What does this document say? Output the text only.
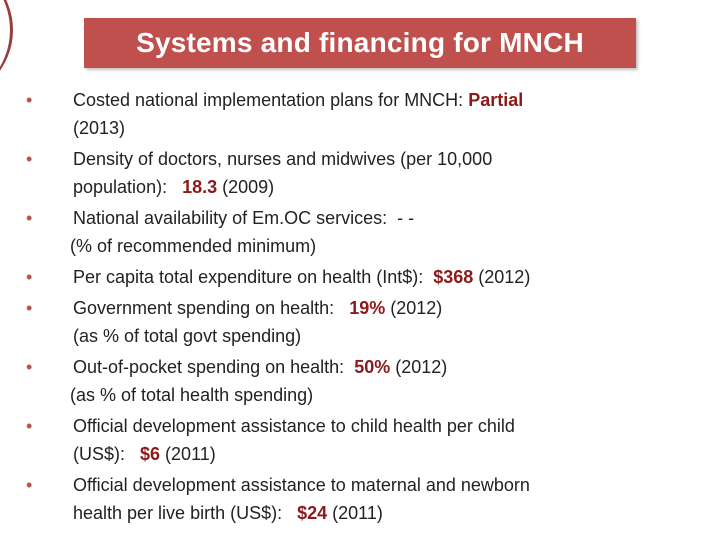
Systems and financing for MNCH
•	Costed national implementation plans for MNCH: Partial
(2013)
•	Density of doctors, nurses and midwives (per 10,000
population):   18.3 (2009)
•	National availability of Em.OC services:  - -
(% of recommended minimum)
•	Per capita total expenditure on health (Int$):  $368 (2012)
•	Government spending on health:   19% (2012)
(as % of total govt spending)
•	Out-of-pocket spending on health:  50% (2012)
(as % of total health spending)
•	Official development assistance to child health per child
(US$):   $6 (2011)
•	Official development assistance to maternal and newborn
health per live birth (US$):   $24 (2011)
